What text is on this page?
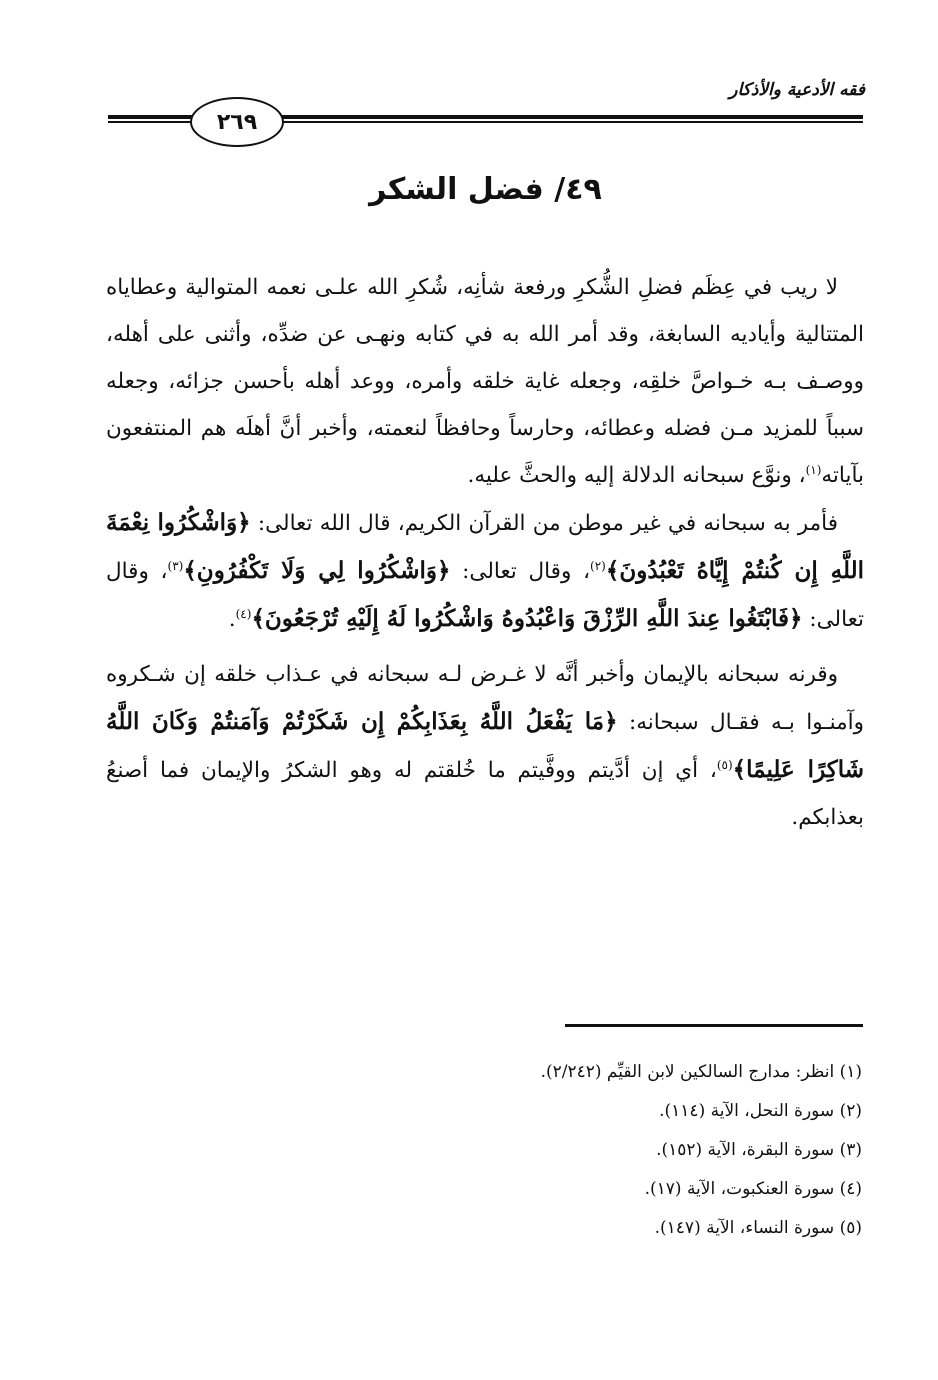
فقه الأدعية والأذكار
٢٦٩
٤٩/ فضل الشكر

لا ريب في عِظَم فضلِ الشُّكرِ ورفعة شأنِه، شُكرِ الله علـى نعمه المتوالية وعطاياه المتتالية وأياديه السابغة، وقد أمر الله به في كتابه ونهـى عن ضدِّه، وأثنى على أهله، ووصـف بـه خـواصَّ خلقِه، وجعله غاية خلقه وأمره، ووعد أهله بأحسن جزائه، وجعله سبباً للمزيد مـن فضله وعطائه، وحارساً وحافظاً لنعمته، وأخبر أنَّ أهلَه هم المنتفعون بآياته$^{(١)}$، ونوَّع سبحانه الدلالة إليه والحثَّ عليه.

فأمر به سبحانه في غير موطن من القرآن الكريم، قال الله تعالى: ﴿وَاشْكُرُوا نِعْمَةَ اللَّهِ إِن كُنتُمْ إِيَّاهُ تَعْبُدُونَ﴾$^{(٢)}$، وقال تعالى: ﴿وَاشْكُرُوا لِي وَلَا تَكْفُرُونِ﴾$^{(٣)}$، وقال تعالى: ﴿فَابْتَغُوا عِندَ اللَّهِ الرِّزْقَ وَاعْبُدُوهُ وَاشْكُرُوا لَهُ إِلَيْهِ تُرْجَعُونَ﴾$^{(٤)}$.

وقرنه سبحانه بالإيمان وأخبر أنَّه لا غـرض لـه سبحانه في عـذاب خلقه إن شـكروه وآمنـوا بـه فقـال سبحانه: ﴿مَا يَفْعَلُ اللَّهُ بِعَذَابِكُمْ إِن شَكَرْتُمْ وَآمَنتُمْ وَكَانَ اللَّهُ شَاكِرًا عَلِيمًا﴾$^{(٥)}$، أي إن أدَّيتم ووفَّيتم ما خُلقتم له وهو الشكرُ والإيمان فما أصنعُ بعذابكم.

(١) انظر: مدارج السالكين لابن القيِّم (٢/٢٤٢).
(٢) سورة النحل، الآية (١١٤).
(٣) سورة البقرة، الآية (١٥٢).
(٤) سورة العنكبوت، الآية (١٧).
(٥) سورة النساء، الآية (١٤٧).
